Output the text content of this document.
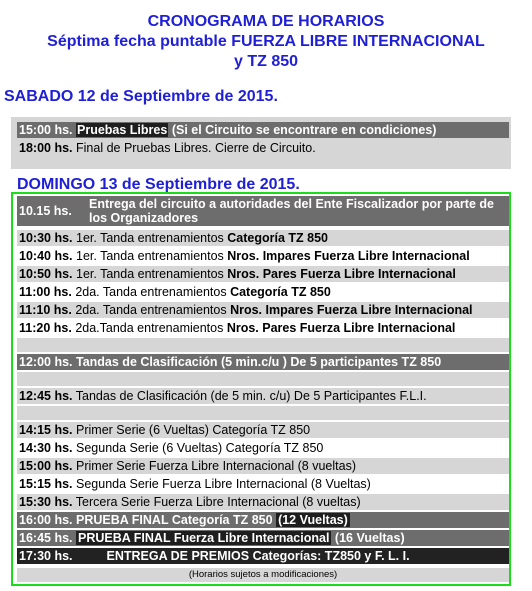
CRONOGRAMA DE HORARIOS
Séptima fecha puntable FUERZA LIBRE INTERNACIONAL
y TZ 850
SABADO 12 de Septiembre de 2015.
15:00 hs. Pruebas Libres (Si el Circuito se encontrare en condiciones)
18:00 hs. Final de Pruebas Libres. Cierre de Circuito.
DOMINGO 13 de Septiembre de 2015.
10.15 hs. Entrega del circuito a autoridades del Ente Fiscalizador por parte de los Organizadores
10:30 hs. 1er. Tanda entrenamientos Categoría TZ 850
10:40 hs. 1er. Tanda entrenamientos Nros. Impares Fuerza Libre Internacional
10:50 hs. 1er. Tanda entrenamientos Nros. Pares Fuerza Libre Internacional
11:00 hs. 2da. Tanda entrenamientos Categoría TZ 850
11:10 hs. 2da. Tanda entrenamientos Nros. Impares Fuerza Libre Internacional
11:20 hs. 2da.Tanda entrenamientos Nros. Pares Fuerza Libre Internacional
12:00 hs. Tandas de Clasificación (5 min.c/u ) De 5 participantes TZ 850
12:45 hs. Tandas de Clasificación (de 5 min. c/u) De 5 Participantes F.L.I.
14:15 hs. Primer Serie (6 Vueltas) Categoría TZ 850
14:30 hs. Segunda Serie (6 Vueltas) Categoría TZ 850
15:00 hs. Primer Serie Fuerza Libre Internacional (8 vueltas)
15:15 hs. Segunda Serie Fuerza Libre Internacional (8 Vueltas)
15:30 hs. Tercera Serie Fuerza Libre Internacional (8 vueltas)
16:00 hs. PRUEBA FINAL Categoría TZ 850 (12 Vueltas)
16:45 hs. PRUEBA FINAL Fuerza Libre Internacional (16 Vueltas)
17:30 hs.	ENTREGA DE PREMIOS Categorías: TZ850 y F. L. I.
(Horarios sujetos a modificaciones)
